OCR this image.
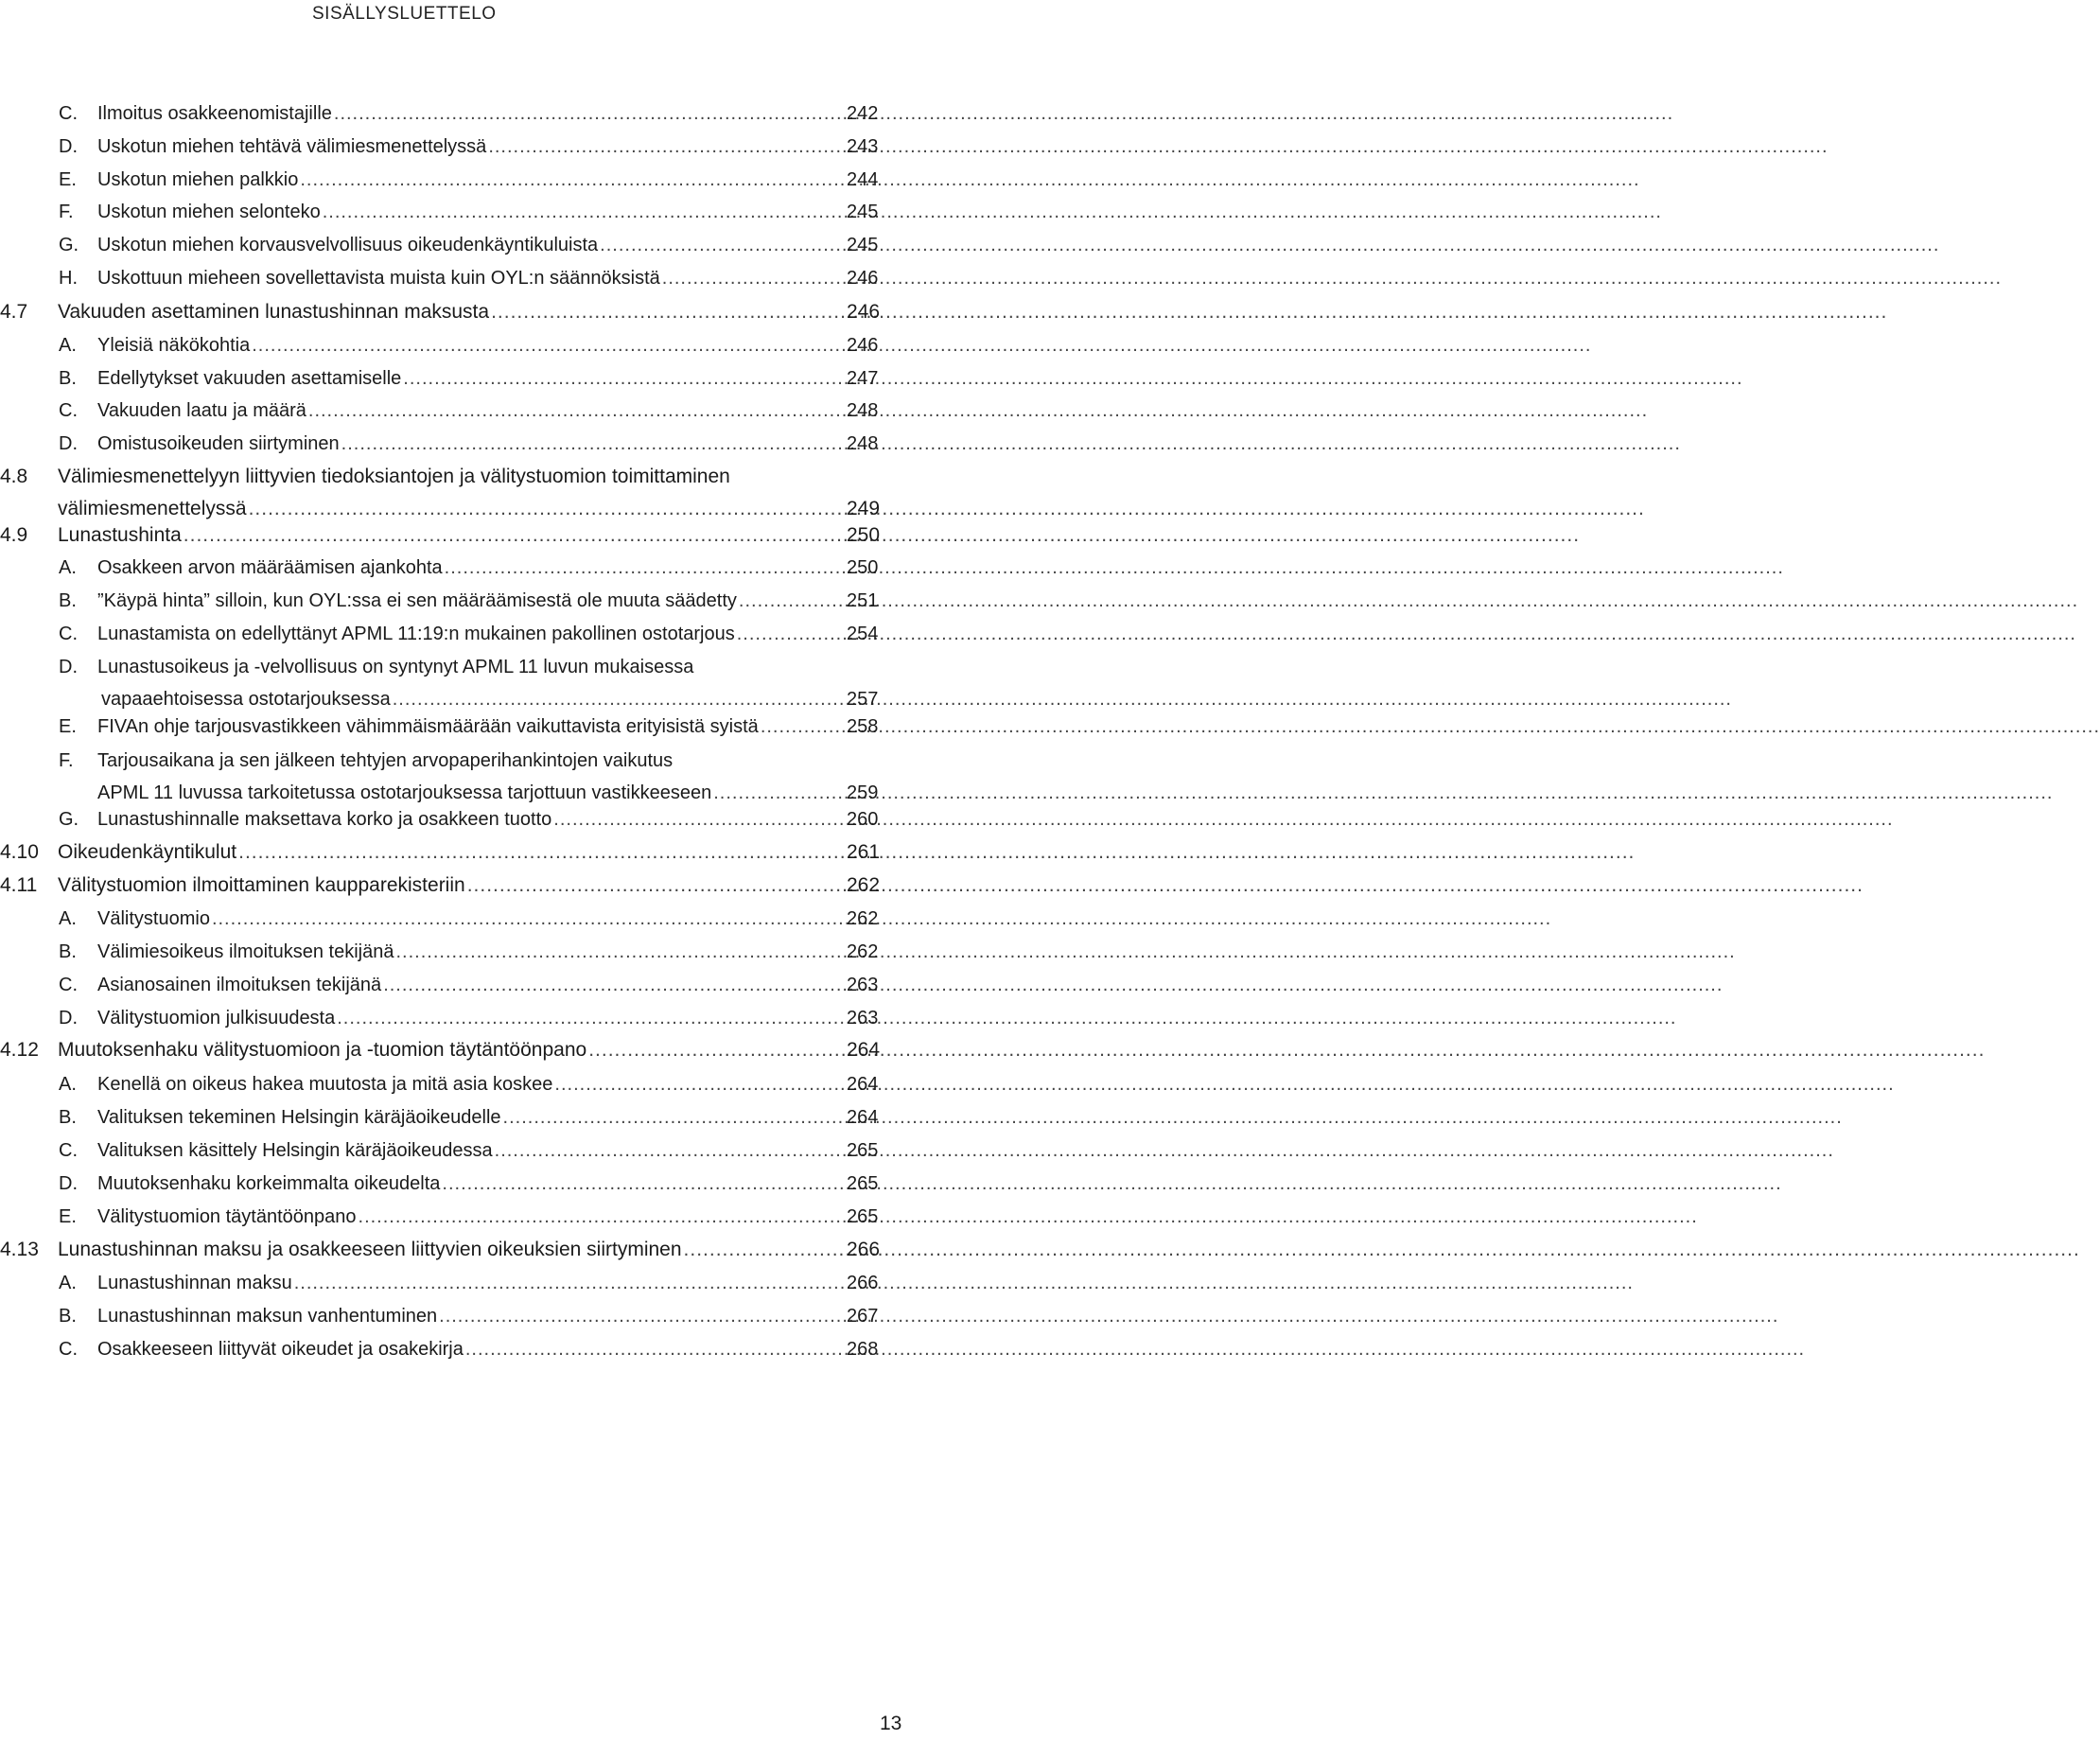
SISÄLLYSLUETTELO
C. Ilmoitus osakkeenomistajille .....	242
D. Uskotun miehen tehtävä välimiesmenettelyssä .....	243
E. Uskotun miehen palkkio .....	244
F. Uskotun miehen selonteko .....	245
G. Uskotun miehen korvausvelvollisuus oikeudenkäyntikuluista .....	245
H. Uskottuun mieheen sovellettavista muista kuin OYL:n säännöksistä .....	246
4.7 Vakuuden asettaminen lunastushinnan maksusta .....	246
A. Yleisiä näkökohtia .....	246
B. Edellytykset vakuuden asettamiselle .....	247
C. Vakuuden laatu ja määrä .....	248
D. Omistusoikeuden siirtyminen .....	248
4.8 Välimiesmenettelyyn liittyvien tiedoksiantojen ja välitystuomion toimittaminen
välimiesmenettelyssä .....	249
4.9 Lunastushinta .....	250
A. Osakkeen arvon määräämisen ajankohta .....	250
B. ”Käypä hinta” silloin, kun OYL:ssa ei sen määräämisestä ole muuta säädetty .....	251
C. Lunastamista on edellyttänyt APML 11:19:n mukainen pakollinen ostotarjous .....	254
D. Lunastusoikeus ja -velvollisuus on syntynyt APML 11 luvun mukaisessa
vapaaehtoisessa ostotarjouksessa .....	257
E. FIVAn ohje tarjousvastikkeen vähimmäismäärään vaikuttavista erityisistä syistä .....	258
F. Tarjousaikana ja sen jälkeen tehtyjen arvopaperihankintojen vaikutus
APML 11 luvussa tarkoitetussa ostotarjouksessa tarjottuun vastikkeeseen .....	259
G. Lunastushinnalle maksettava korko ja osakkeen tuotto .....	260
4.10 Oikeudenkäyntikulut .....	261
4.11 Välitystuomion ilmoittaminen kaupparekisteriin .....	262
A. Välitystuomio .....	262
B. Välimiesoikeus ilmoituksen tekijänä .....	262
C. Asianosainen ilmoituksen tekijänä .....	263
D. Välitystuomion julkisuudesta .....	263
4.12 Muutoksenhaku välitystuomioon ja -tuomion täytäntöönpano .....	264
A. Kenellä on oikeus hakea muutosta ja mitä asia koskee .....	264
B. Valituksen tekeminen Helsingin käräjäoikeudelle .....	264
C. Valituksen käsittely Helsingin käräjäoikeudessa .....	265
D. Muutoksenhaku korkeimmalta oikeudelta .....	265
E. Välitystuomion täytäntöönpano .....	265
4.13 Lunastushinnan maksu ja osakkeeseen liittyvien oikeuksien siirtyminen .....	266
A. Lunastushinnan maksu .....	266
B. Lunastushinnan maksun vanhentuminen .....	267
C. Osakkeeseen liittyvät oikeudet ja osakekirja .....	268
13
